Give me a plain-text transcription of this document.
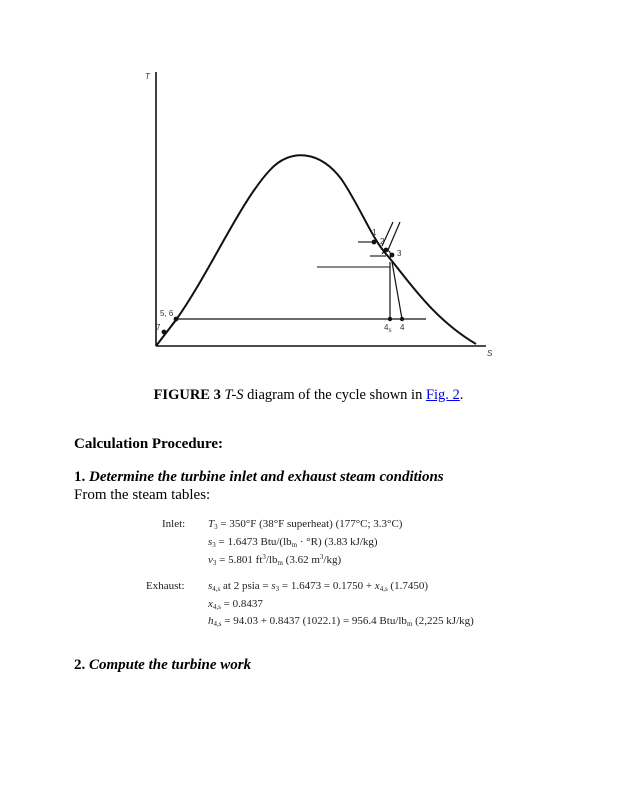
T
S
1
2
3
5, 6
7	$4_s$ 4
FIGURE 3 T-S diagram of the cycle shown in Fig. 2.
Calculation Procedure:
1. Determine the turbine inlet and exhaust steam conditions
From the steam tables:
Inlet: $T_3 = 350^\circ F$ (38°F superheat) (177°C; 3.3°C)
$s_3 = 1.6473$ Btu/$(lb_m \cdot ^\circ R)$ (3.83 kJ/kg)
$v_3 = 5.801$ $ft^3/lb_m$ (3.62 $m^3/kg$)
Exhaust: $s_{4,s}$ at 2 psia = $s_3 = 1.6473 = 0.1750 + x_{4,s}$ (1.7450)
$x_{4,s} = 0.8437$
$h_{4,s} = 94.03 + 0.8437$ (1022.1) = 956.4 Btu/$lb_m$ (2,225 kJ/kg)
2. Compute the turbine work
